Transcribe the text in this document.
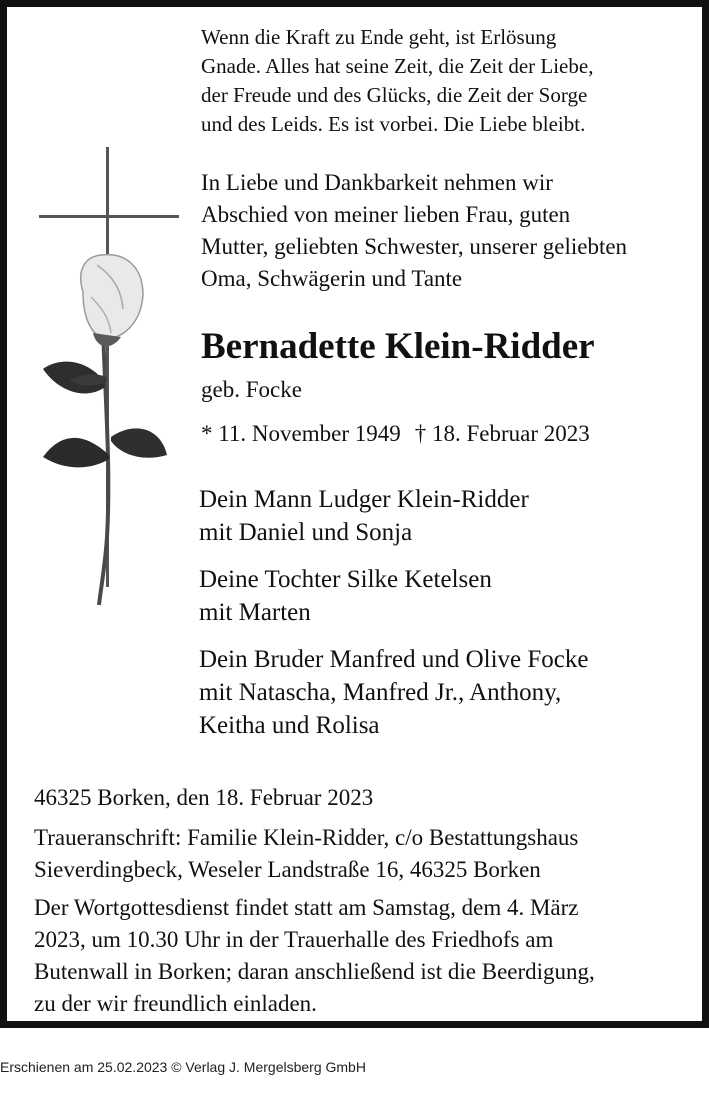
Wenn die Kraft zu Ende geht, ist Erlösung

Gnade. Alles hat seine Zeit, die Zeit der Liebe,

der Freude und des Glücks, die Zeit der Sorge

und des Leids. Es ist vorbei. Die Liebe bleibt.

In Liebe und Dankbarkeit nehmen wir

Abschied von meiner lieben Frau, guten

Mutter, geliebten Schwester, unserer geliebten

Oma, Schwägerin und Tante

Bernadette Klein-Ridder
geb. Focke
* 11. November 1949 † 18. Februar 2023
Dein Mann Ludger Klein-Ridder
mit Daniel und Sonja
Deine Tochter Silke Ketelsen
mit Marten
Dein Bruder Manfred und Olive Focke
mit Natascha, Manfred Jr., Anthony,
Keitha und Rolisa

46325 Borken, den 18. Februar 2023

Traueranschrift: Familie Klein-Ridder, c/o Bestattungshaus
Sieverdingbeck, Weseler Landstraße 16, 46325 Borken

Der Wortgottesdienst findet statt am Samstag, dem 4. März
2023, um 10.30 Uhr in der Trauerhalle des Friedhofs am
Butenwall in Borken; daran anschließend ist die Beerdigung,
zu der wir freundlich einladen.

Erschienen am 25.02.2023 © Verlag J. Mergelsberg GmbH
